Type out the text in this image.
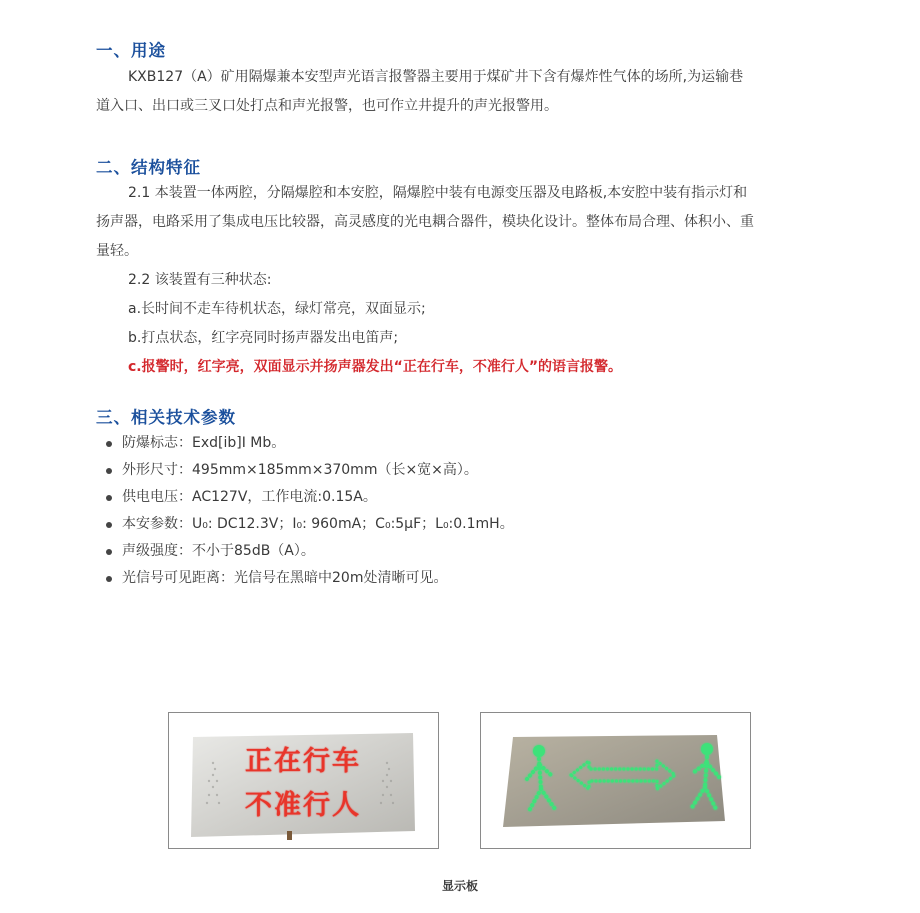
一、用途

KXB127（A）矿用隔爆兼本安型声光语言报警器主要用于煤矿井下含有爆炸性气体的场所,为运输巷

道入口、出口或三叉口处打点和声光报警，也可作立井提升的声光报警用。

二、结构特征

2.1 本装置一体两腔，分隔爆腔和本安腔，隔爆腔中装有电源变压器及电路板,本安腔中装有指示灯和

扬声器，电路采用了集成电压比较器，高灵感度的光电耦合器件，模块化设计。整体布局合理、体积小、重

量轻。

2.2 该装置有三种状态:

a.长时间不走车待机状态，绿灯常亮，双面显示;

b.打点状态，红字亮同时扬声器发出电笛声;

c.报警时，红字亮，双面显示并扬声器发出“正在行车，不准行人”的语言报警。

三、相关技术参数
防爆标志：Exd[ib]I Mb。
外形尺寸：495mm×185mm×370mm（长×宽×高）。
供电电压：AC127V，工作电流:0.15A。
本安参数：U₀: DC12.3V；I₀: 960mA；C₀:5μF；L₀:0.1mH。
声级强度：不小于85dB（A）。
光信号可见距离：光信号在黑暗中20m处清晰可见。
正在行车
不准行人
显示板
